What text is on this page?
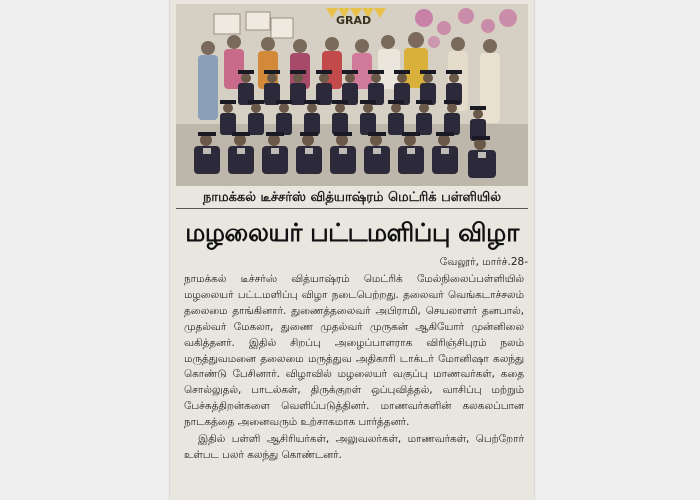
GRAD
நாமக்கல் டீச்சர்ஸ் வித்யாஷ்ரம் மெட்ரிக் பள்ளியில்
மழலையர் பட்டமளிப்பு விழா
வேலூர், மார்ச்.28-

நாமக்கல் டீச்சர்ஸ் வித்யாஷ்ரம் மெட்ரிக் மேல்நிலைப்பள்ளியில் மழலையர் பட்டமளிப்பு விழா நடைபெற்றது. தலைவர் வெங்கடாச்சலம் தலைமை தாங்கினார். துணைத்தலைவர் அபிராமி, செயலாளர் தனபால், முதல்வர் மேகலா, துணை முதல்வர் முருகன் ஆகியோர் முன்னிலை வகித்தனர். இதில் சிறப்பு அழைப்பாளராக விரிஞ்சிபுரம் நலம் மருத்துவமனை தலைமை மருத்துவ அதிகாரி டாக்டர் மோனிஷா கலந்து கொண்டு பேசினார். விழாவில் மழலையர் வகுப்பு மாணவர்கள், கதை சொல்லுதல், பாடல்கள், திருக்குறள் ஒப்புவித்தல், வாசிப்பு மற்றும் பேச்சுத்திறன்களை வெளிப்படுத்தினர். மாணவர்களின் கலகலப்பான நாடகத்தை அனைவரும் உற்சாகமாக பார்த்தனர்.

இதில் பள்ளி ஆசிரியர்கள், அலுவலர்கள், மாணவர்கள், பெற்றோர் உள்பட பலர் கலந்து கொண்டனர்.
